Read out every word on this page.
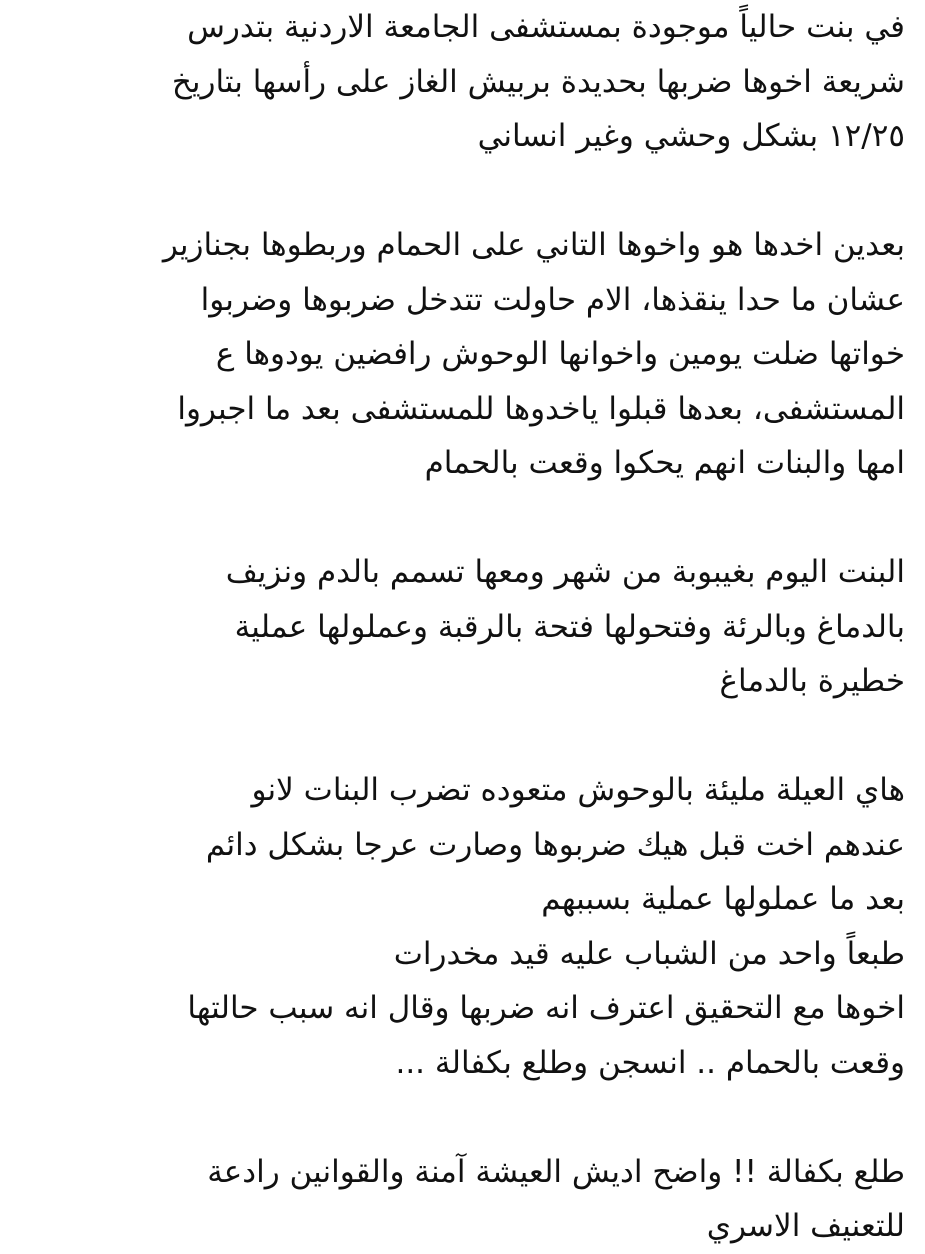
في بنت حالياً موجودة بمستشفى الجامعة الاردنية بتدرس
شريعة اخوها ضربها بحديدة بربيش الغاز على رأسها بتاريخ
١٢/٢٥ بشكل وحشي وغير انساني
بعدين اخدها هو واخوها التاني على الحمام وربطوها بجنازير
عشان ما حدا ينقذها، الام حاولت تتدخل ضربوها وضربوا
خواتها ضلت يومين واخوانها الوحوش رافضين يودوها ع
المستشفى، بعدها قبلوا ياخدوها للمستشفى بعد ما اجبروا
امها والبنات انهم يحكوا وقعت بالحمام
البنت اليوم بغيبوبة من شهر ومعها تسمم بالدم ونزيف
بالدماغ وبالرئة وفتحولها فتحة بالرقبة وعملولها عملية
خطيرة بالدماغ
هاي العيلة مليئة بالوحوش متعوده تضرب البنات لانو
عندهم اخت قبل هيك ضربوها وصارت عرجا بشكل دائم
بعد ما عملولها عملية بسببهم
طبعاً واحد من الشباب عليه قيد مخدرات
اخوها مع التحقيق اعترف انه ضربها وقال انه سبب حالتها
وقعت بالحمام .. انسجن وطلع بكفالة ...
طلع بكفالة !! واضح اديش العيشة آمنة والقوانين رادعة
للتعنيف الاسري
